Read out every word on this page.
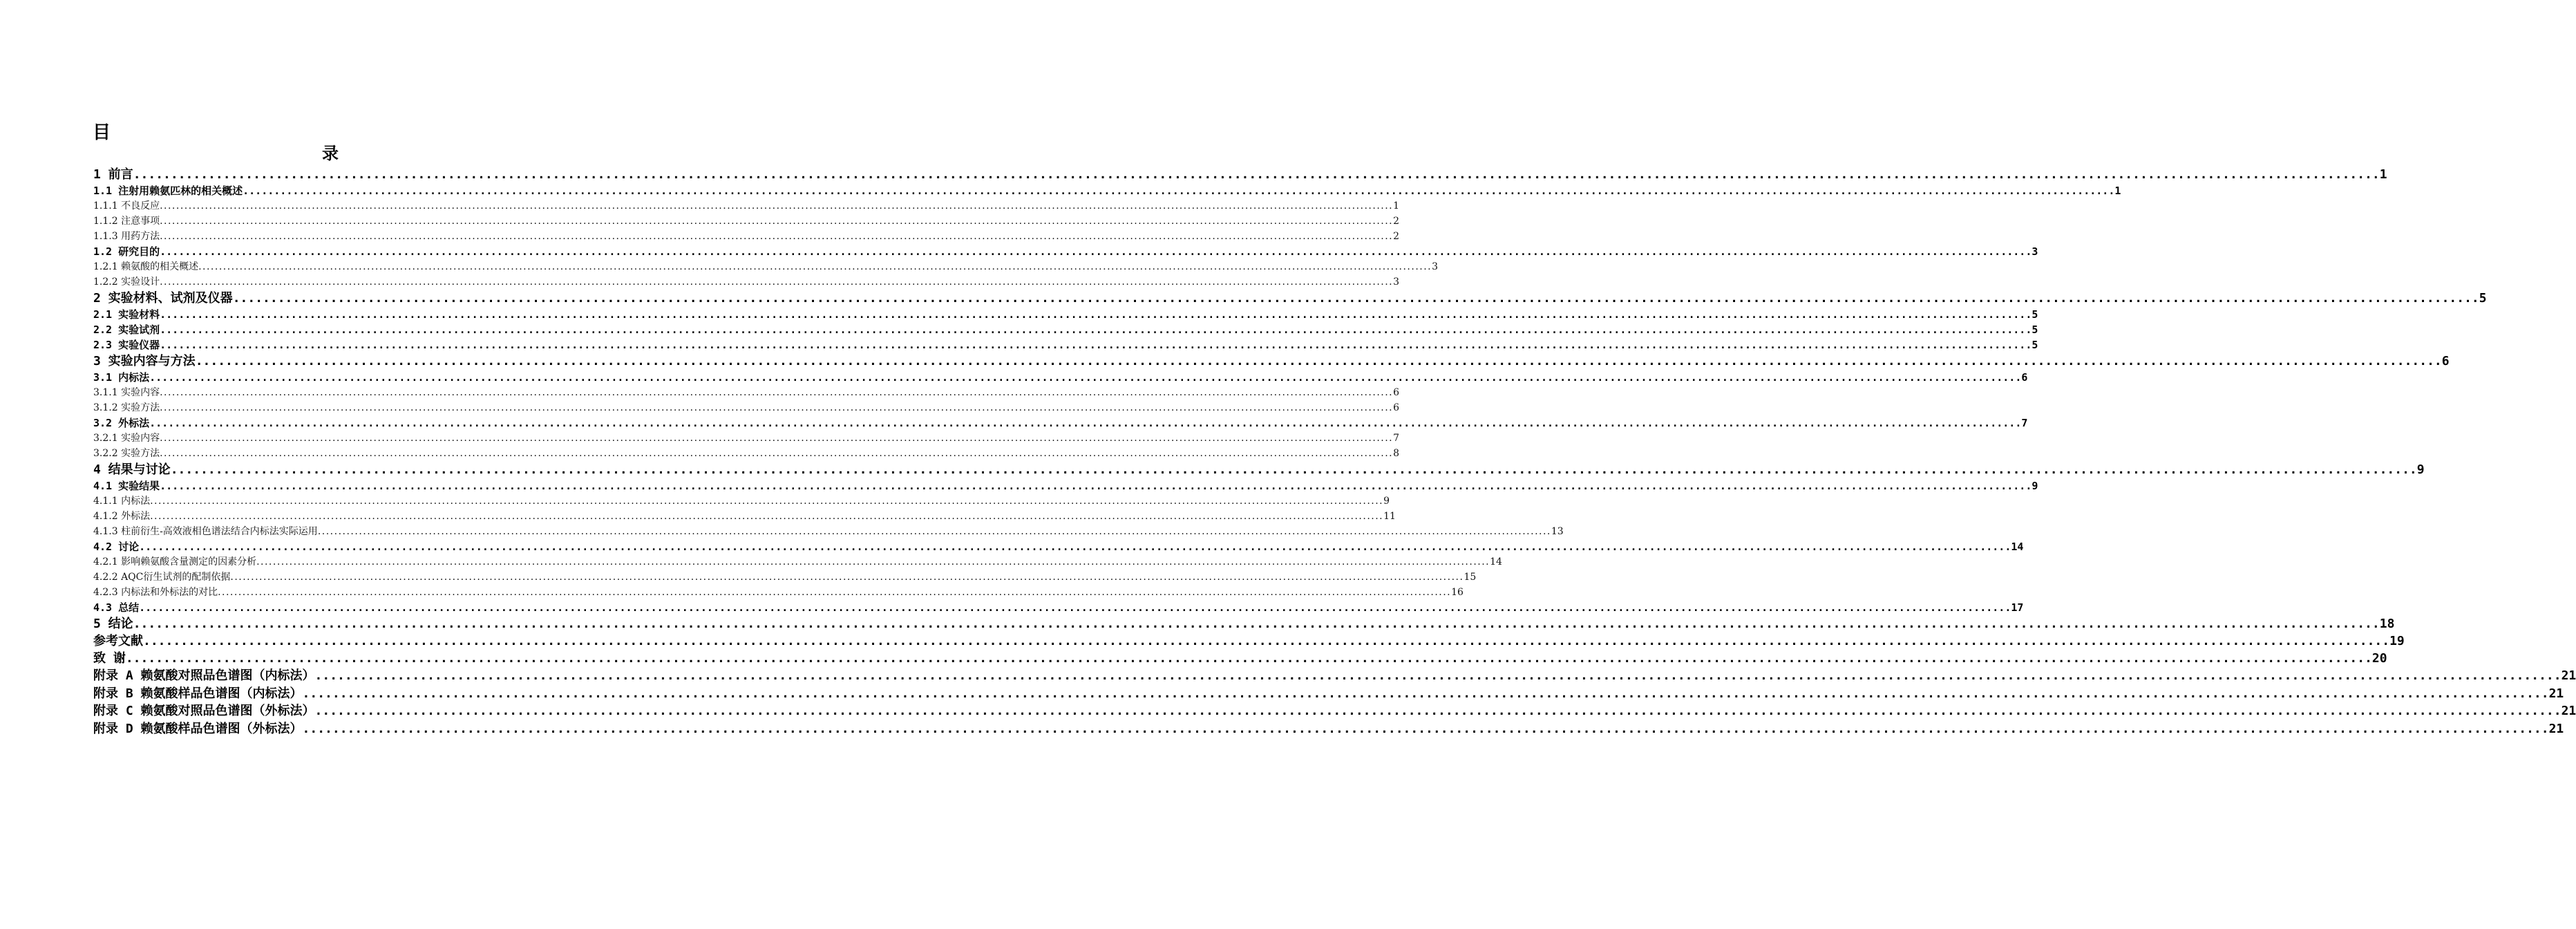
目
录
1 前言 ............................................................................................................................................................................................................................................................................................................ 1
1.1 注射用赖氨匹林的相关概述 ............................................................................................................................................................................................................................................................................................................ 1
1.1.1 不良反应 ............................................................................................................................................................................................................................................................................................................ 1
1.1.2 注意事项 ............................................................................................................................................................................................................................................................................................................ 2
1.1.3 用药方法 ............................................................................................................................................................................................................................................................................................................ 2
1.2 研究目的 ............................................................................................................................................................................................................................................................................................................ 3
1.2.1 赖氨酸的相关概述 ............................................................................................................................................................................................................................................................................................................ 3
1.2.2 实验设计 ............................................................................................................................................................................................................................................................................................................ 3
2 实验材料、试剂及仪器 ............................................................................................................................................................................................................................................................................................................ 5
2.1 实验材料 ............................................................................................................................................................................................................................................................................................................ 5
2.2 实验试剂 ............................................................................................................................................................................................................................................................................................................ 5
2.3 实验仪器 ............................................................................................................................................................................................................................................................................................................ 5
3 实验内容与方法 ............................................................................................................................................................................................................................................................................................................ 6
3.1 内标法 ............................................................................................................................................................................................................................................................................................................ 6
3.1.1 实验内容 ............................................................................................................................................................................................................................................................................................................ 6
3.1.2 实验方法 ............................................................................................................................................................................................................................................................................................................ 6
3.2 外标法 ............................................................................................................................................................................................................................................................................................................ 7
3.2.1 实验内容 ............................................................................................................................................................................................................................................................................................................ 7
3.2.2 实验方法 ............................................................................................................................................................................................................................................................................................................ 8
4 结果与讨论 ............................................................................................................................................................................................................................................................................................................ 9
4.1 实验结果 ............................................................................................................................................................................................................................................................................................................ 9
4.1.1 内标法 ............................................................................................................................................................................................................................................................................................................ 9
4.1.2 外标法 ............................................................................................................................................................................................................................................................................................................ 11
4.1.3 柱前衍生-高效液相色谱法结合内标法实际运用 ............................................................................................................................................................................................................................................................................................................ 13
4.2 讨论 ............................................................................................................................................................................................................................................................................................................ 14
4.2.1 影响赖氨酸含量测定的因素分析 ............................................................................................................................................................................................................................................................................................................ 14
4.2.2 AQC衍生试剂的配制依据 ............................................................................................................................................................................................................................................................................................................ 15
4.2.3 内标法和外标法的对比 ............................................................................................................................................................................................................................................................................................................ 16
4.3 总结 ............................................................................................................................................................................................................................................................................................................ 17
5 结论 ............................................................................................................................................................................................................................................................................................................ 18
参考文献 ............................................................................................................................................................................................................................................................................................................ 19
致 谢 ............................................................................................................................................................................................................................................................................................................ 20
附录 A 赖氨酸对照品色谱图（内标法） ............................................................................................................................................................................................................................................................................................................ 21
附录 B 赖氨酸样品色谱图（内标法） ............................................................................................................................................................................................................................................................................................................ 21
附录 C 赖氨酸对照品色谱图（外标法） ............................................................................................................................................................................................................................................................................................................ 21
附录 D 赖氨酸样品色谱图（外标法） ............................................................................................................................................................................................................................................................................................................ 21
